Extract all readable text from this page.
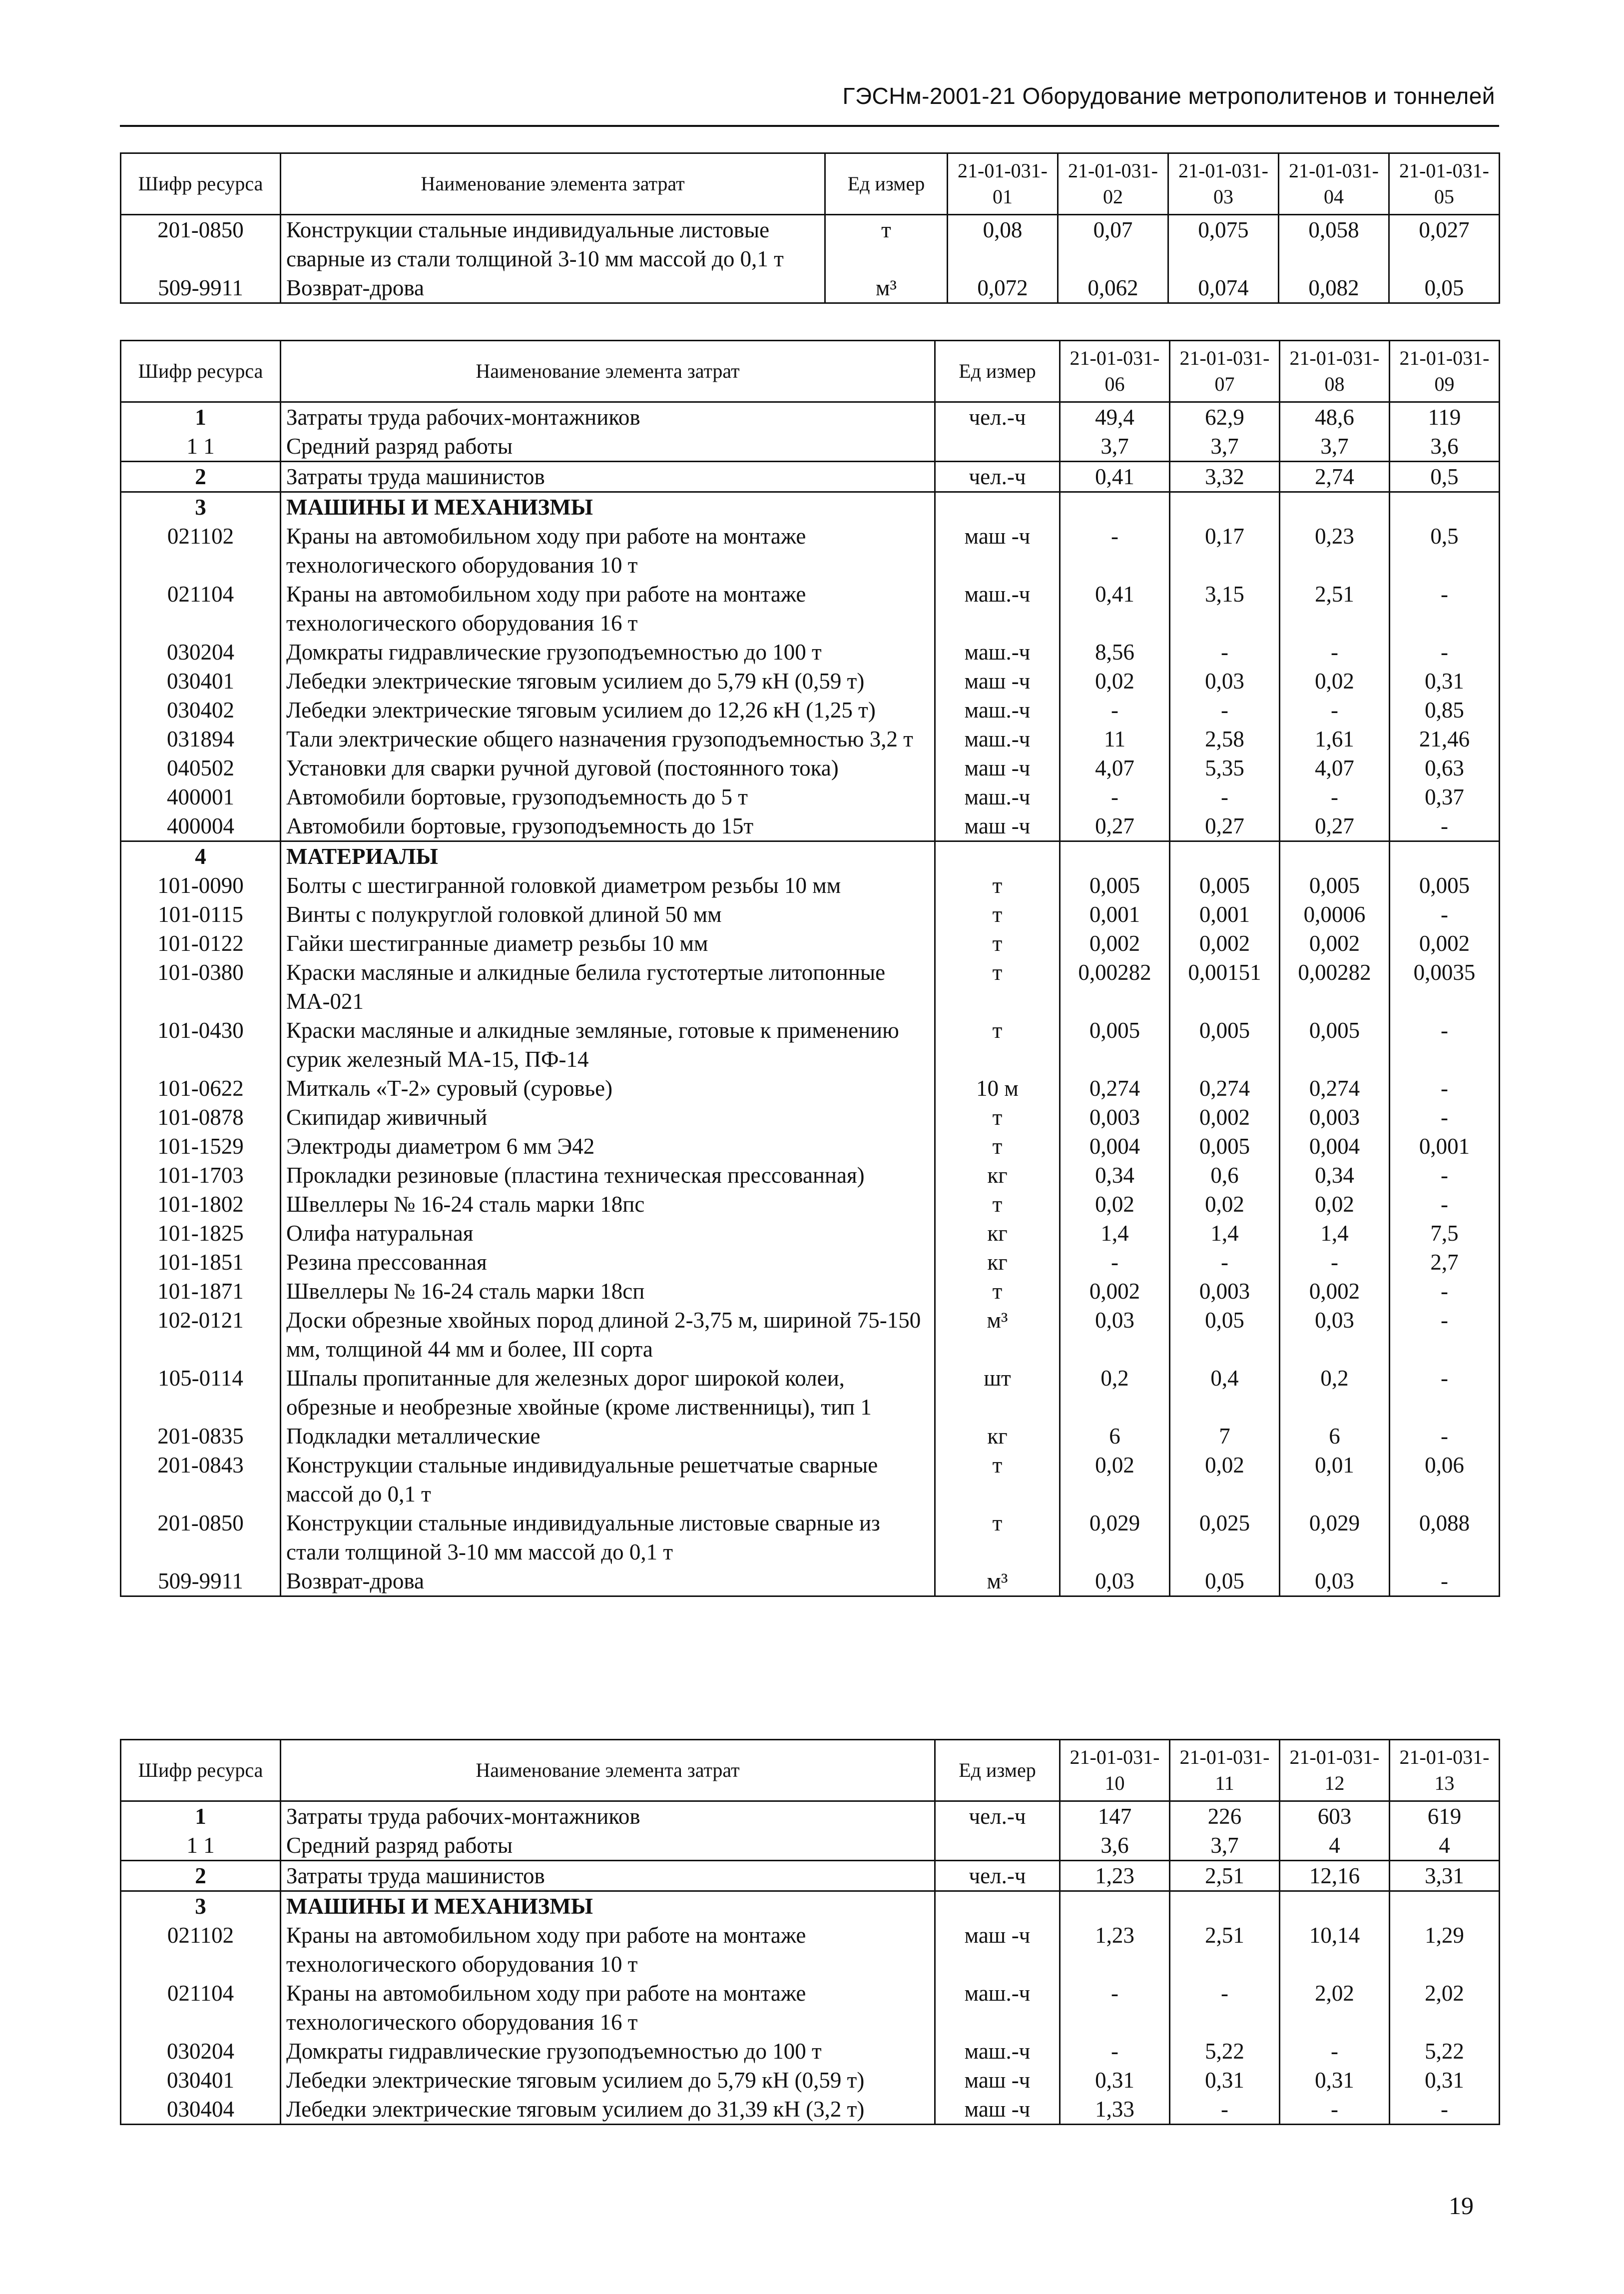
ГЭСНм-2001-21 Оборудование метрополитенов и тоннелей
Шифр ресурса	Наименование элемента затрат	Ед измер	21-01-031-01	21-01-031-02	21-01-031-03	21-01-031-04	21-01-031-05
201-0850	Конструкции стальные индивидуальные листовые сварные из стали толщиной 3-10 мм массой до 0,1 т	т	0,08	0,07	0,075	0,058	0,027
509-9911	Возврат-дрова	м³	0,072	0,062	0,074	0,082	0,05
Шифр ресурса	Наименование элемента затрат	Ед измер	21-01-031-06	21-01-031-07	21-01-031-08	21-01-031-09
1	Затраты труда рабочих-монтажников	чел.-ч	49,4	62,9	48,6	119
1 1	Средний разряд работы		3,7	3,7	3,7	3,6
2	Затраты труда машинистов	чел.-ч	0,41	3,32	2,74	0,5
3	МАШИНЫ И МЕХАНИЗМЫ					
021102	Краны на автомобильном ходу при работе на монтаже технологического оборудования 10 т	маш -ч	-	0,17	0,23	0,5
021104	Краны на автомобильном ходу при работе на монтаже технологического оборудования 16 т	маш.-ч	0,41	3,15	2,51	-
030204	Домкраты гидравлические грузоподъемностью до 100 т	маш.-ч	8,56	-	-	-
030401	Лебедки электрические тяговым усилием до 5,79 кН (0,59 т)	маш -ч	0,02	0,03	0,02	0,31
030402	Лебедки электрические тяговым усилием до 12,26 кН (1,25 т)	маш.-ч	-	-	-	0,85
031894	Тали электрические общего назначения грузоподъемностью 3,2 т	маш.-ч	11	2,58	1,61	21,46
040502	Установки для сварки ручной дуговой (постоянного тока)	маш -ч	4,07	5,35	4,07	0,63
400001	Автомобили бортовые, грузоподъемность до 5 т	маш.-ч	-	-	-	0,37
400004	Автомобили бортовые, грузоподъемность до 15т	маш -ч	0,27	0,27	0,27	-
4	МАТЕРИАЛЫ					
101-0090	Болты с шестигранной головкой диаметром резьбы 10 мм	т	0,005	0,005	0,005	0,005
101-0115	Винты с полукруглой головкой длиной 50 мм	т	0,001	0,001	0,0006	-
101-0122	Гайки шестигранные диаметр резьбы 10 мм	т	0,002	0,002	0,002	0,002
101-0380	Краски масляные и алкидные белила густотертые литопонные МА-021	т	0,00282	0,00151	0,00282	0,0035
101-0430	Краски масляные и алкидные земляные, готовые к применению сурик железный МА-15, ПФ-14	т	0,005	0,005	0,005	-
101-0622	Миткаль «Т-2» суровый (суровье)	10 м	0,274	0,274	0,274	-
101-0878	Скипидар живичный	т	0,003	0,002	0,003	-
101-1529	Электроды диаметром 6 мм Э42	т	0,004	0,005	0,004	0,001
101-1703	Прокладки резиновые (пластина техническая прессованная)	кг	0,34	0,6	0,34	-
101-1802	Швеллеры № 16-24 сталь марки 18пс	т	0,02	0,02	0,02	-
101-1825	Олифа натуральная	кг	1,4	1,4	1,4	7,5
101-1851	Резина прессованная	кг	-	-	-	2,7
101-1871	Швеллеры № 16-24 сталь марки 18сп	т	0,002	0,003	0,002	-
102-0121	Доски обрезные хвойных пород длиной 2-3,75 м, шириной 75-150 мм, толщиной 44 мм и более, III сорта	м³	0,03	0,05	0,03	-
105-0114	Шпалы пропитанные для железных дорог широкой колеи, обрезные и необрезные хвойные (кроме лиственницы), тип 1	шт	0,2	0,4	0,2	-
201-0835	Подкладки металлические	кг	6	7	6	-
201-0843	Конструкции стальные индивидуальные решетчатые сварные массой до 0,1 т	т	0,02	0,02	0,01	0,06
201-0850	Конструкции стальные индивидуальные листовые сварные из стали толщиной 3-10 мм массой до 0,1 т	т	0,029	0,025	0,029	0,088
509-9911	Возврат-дрова	м³	0,03	0,05	0,03	-
Шифр ресурса	Наименование элемента затрат	Ед измер	21-01-031-10	21-01-031-11	21-01-031-12	21-01-031-13
1	Затраты труда рабочих-монтажников	чел.-ч	147	226	603	619
1 1	Средний разряд работы		3,6	3,7	4	4
2	Затраты труда машинистов	чел.-ч	1,23	2,51	12,16	3,31
3	МАШИНЫ И МЕХАНИЗМЫ					
021102	Краны на автомобильном ходу при работе на монтаже технологического оборудования 10 т	маш -ч	1,23	2,51	10,14	1,29
021104	Краны на автомобильном ходу при работе на монтаже технологического оборудования 16 т	маш.-ч	-	-	2,02	2,02
030204	Домкраты гидравлические грузоподъемностью до 100 т	маш.-ч	-	5,22	-	5,22
030401	Лебедки электрические тяговым усилием до 5,79 кН (0,59 т)	маш -ч	0,31	0,31	0,31	0,31
030404	Лебедки электрические тяговым усилием до 31,39 кН (3,2 т)	маш -ч	1,33	-	-	-
19
